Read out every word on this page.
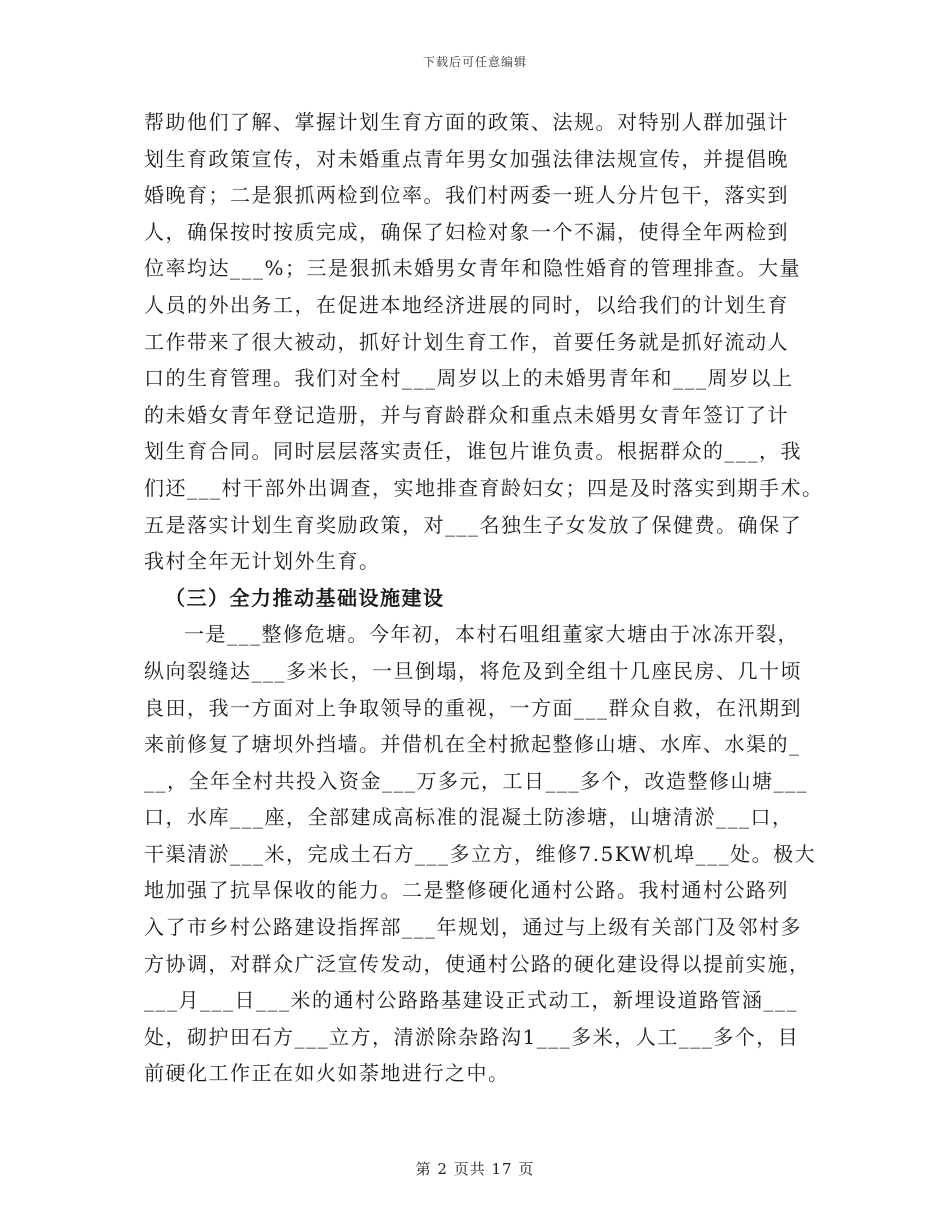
下载后可任意编辑
帮助他们了解、掌握计划生育方面的政策、法规。对特别人群加强计
划生育政策宣传，对未婚重点青年男女加强法律法规宣传，并提倡晚
婚晚育；二是狠抓两检到位率。我们村两委一班人分片包干，落实到
人，确保按时按质完成，确保了妇检对象一个不漏，使得全年两检到
位率均达___%；三是狠抓未婚男女青年和隐性婚育的管理排查。大量
人员的外出务工，在促进本地经济进展的同时，以给我们的计划生育
工作带来了很大被动，抓好计划生育工作，首要任务就是抓好流动人
口的生育管理。我们对全村___周岁以上的未婚男青年和___周岁以上
的未婚女青年登记造册，并与育龄群众和重点未婚男女青年签订了计
划生育合同。同时层层落实责任，谁包片谁负责。根据群众的___，我
们还___村干部外出调查，实地排查育龄妇女；四是及时落实到期手术。
五是落实计划生育奖励政策，对___名独生子女发放了保健费。确保了
我村全年无计划外生育。
（三）全力推动基础设施建设
一是___整修危塘。今年初，本村石咀组董家大塘由于冰冻开裂，
纵向裂缝达___多米长，一旦倒塌，将危及到全组十几座民房、几十顷
良田，我一方面对上争取领导的重视，一方面___群众自救，在汛期到
来前修复了塘坝外挡墙。并借机在全村掀起整修山塘、水库、水渠的_
__，全年全村共投入资金___万多元，工日___多个，改造整修山塘___
口，水库___座，全部建成高标准的混凝土防渗塘，山塘清淤___口，
干渠清淤___米，完成土石方___多立方，维修7.5KW机埠___处。极大
地加强了抗旱保收的能力。二是整修硬化通村公路。我村通村公路列
入了市乡村公路建设指挥部___年规划，通过与上级有关部门及邻村多
方协调，对群众广泛宣传发动，使通村公路的硬化建设得以提前实施，
___月___日___米的通村公路路基建设正式动工，新埋设道路管涵___
处，砌护田石方___立方，清淤除杂路沟1___多米，人工___多个，目
前硬化工作正在如火如荼地进行之中。
第 2 页共 17 页
